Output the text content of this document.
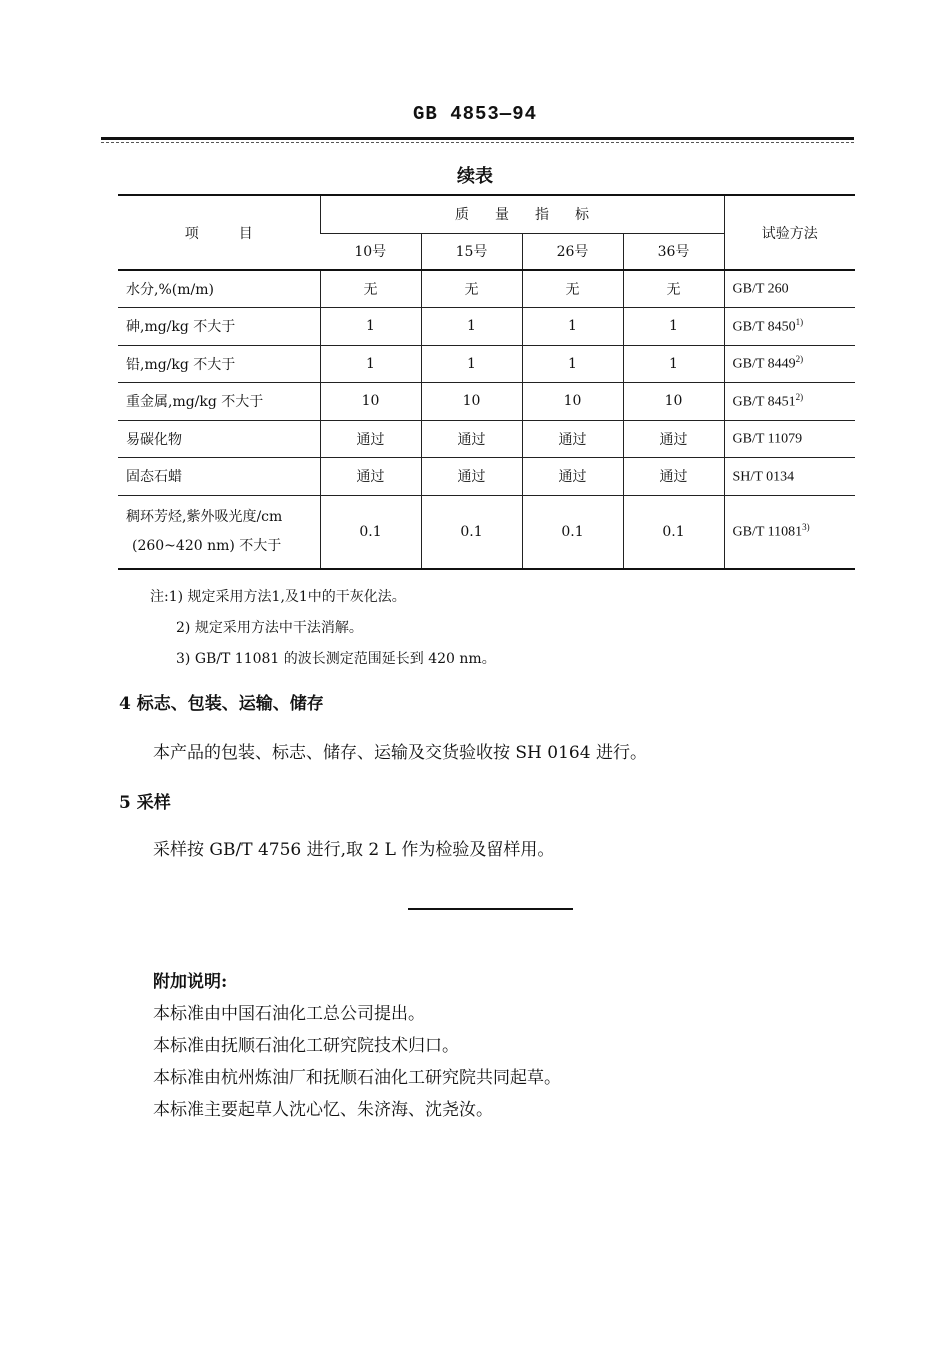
GB 4853—94
续表
项目	质量指标				试验方法
	10号	15号	26号	36号	
水分,%(m/m)	无	无	无	无	GB/T 260
砷,mg/kg 不大于	1	1	1	1	GB/T 8450$^{1)}$
铅,mg/kg 不大于	1	1	1	1	GB/T 8449$^{2)}$
重金属,mg/kg 不大于	10	10	10	10	GB/T 8451$^{2)}$
易碳化物	通过	通过	通过	通过	GB/T 11079
固态石蜡	通过	通过	通过	通过	SH/T 0134

稠环芳烃,紫外吸光度/cm
(260~420 nm) 不大于	0.1	0.1	0.1	0.1	GB/T 11081$^{3)}$
注:1) 规定采用方法1,及1中的干灰化法。
2) 规定采用方法中干法消解。
3) GB/T 11081 的波长测定范围延长到 420 nm。
4 标志、包装、运输、储存
本产品的包装、标志、储存、运输及交货验收按 SH 0164 进行。
5 采样
采样按 GB/T 4756 进行,取 2 L 作为检验及留样用。
附加说明:
本标准由中国石油化工总公司提出。
本标准由抚顺石油化工研究院技术归口。
本标准由杭州炼油厂和抚顺石油化工研究院共同起草。
本标准主要起草人沈心忆、朱济海、沈尧汝。
